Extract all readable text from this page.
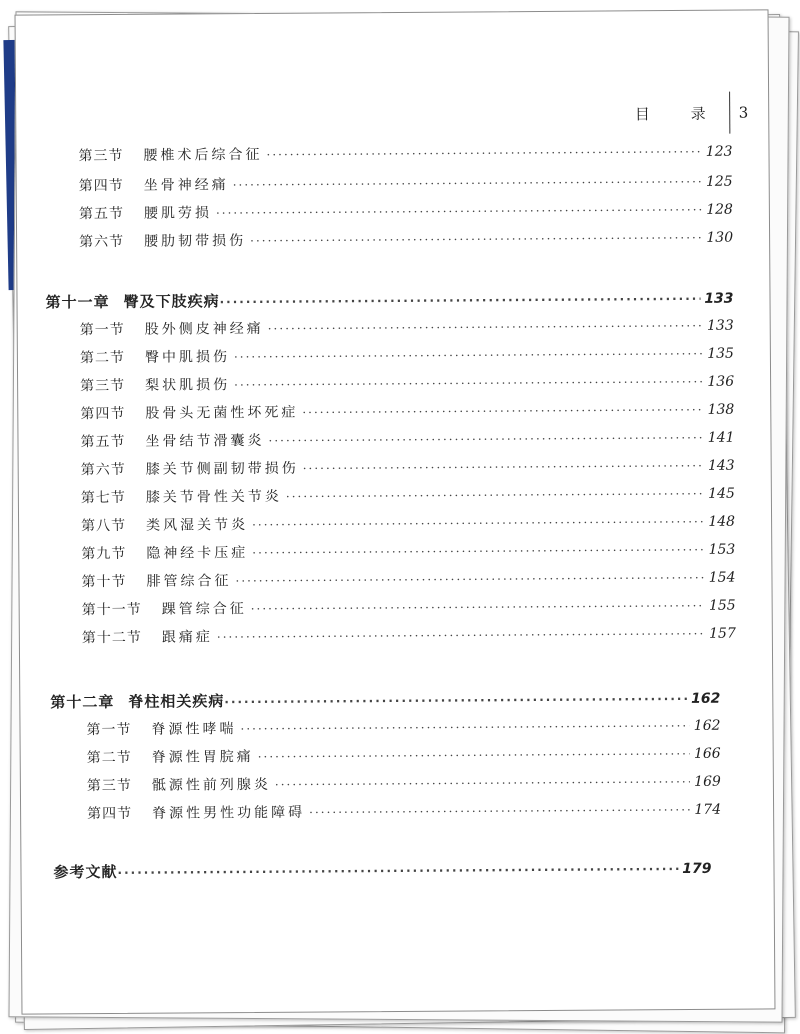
目 录 3
第三节 腰椎术后综合征 ·····	123
第四节 坐骨神经痛 ·····	125
第五节 腰肌劳损 ·····	128
第六节 腰肋韧带损伤 ·····	130
第十一章 臀及下肢疾病 ·····	133
第一节 股外侧皮神经痛 ·····	133
第二节 臀中肌损伤 ·····	135
第三节 梨状肌损伤 ·····	136
第四节 股骨头无菌性坏死症 ·····	138
第五节 坐骨结节滑囊炎 ·····	141
第六节 膝关节侧副韧带损伤 ·····	143
第七节 膝关节骨性关节炎 ·····	145
第八节 类风湿关节炎 ·····	148
第九节 隐神经卡压症 ·····	153
第十节 腓管综合征 ·····	154
第十一节 踝管综合征 ·····	155
第十二节 跟痛症 ·····	157
第十二章 脊柱相关疾病 ·····	162
第一节 脊源性哮喘 ·····	162
第二节 脊源性胃脘痛 ·····	166
第三节 骶源性前列腺炎 ·····	169
第四节 脊源性男性功能障碍 ·····	174
参考文献 ·····	179
